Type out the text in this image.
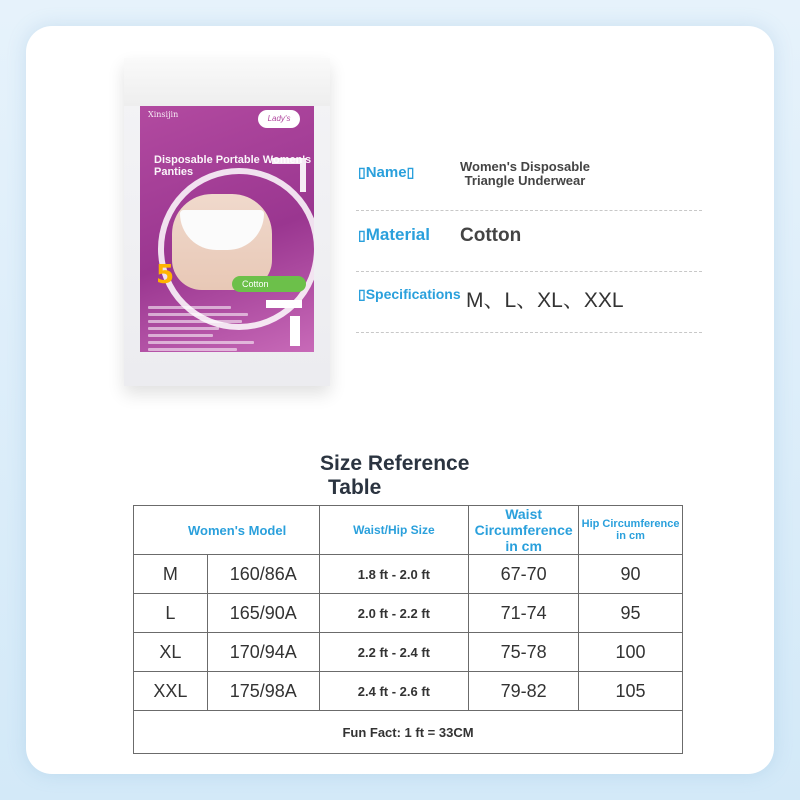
Xinsijin	Lady's
Disposable Portable Women's Panties
5	Cotton
▯Name▯	Women's Disposable
Triangle Underwear
▯Material Cotton
▯Specifications M、L、XL、XXL
Size Reference
Table
Women's Model		Waist/Hip Size	Waist Circumference in cm	Hip Circumference in cm
M	160/86A	1.8 ft - 2.0 ft	67-70	90
L	165/90A	2.0 ft - 2.2 ft	71-74	95
XL	170/94A	2.2 ft - 2.4 ft	75-78	100
XXL	175/98A	2.4 ft - 2.6 ft	79-82	105
Fun Fact: 1 ft = 33CM				
